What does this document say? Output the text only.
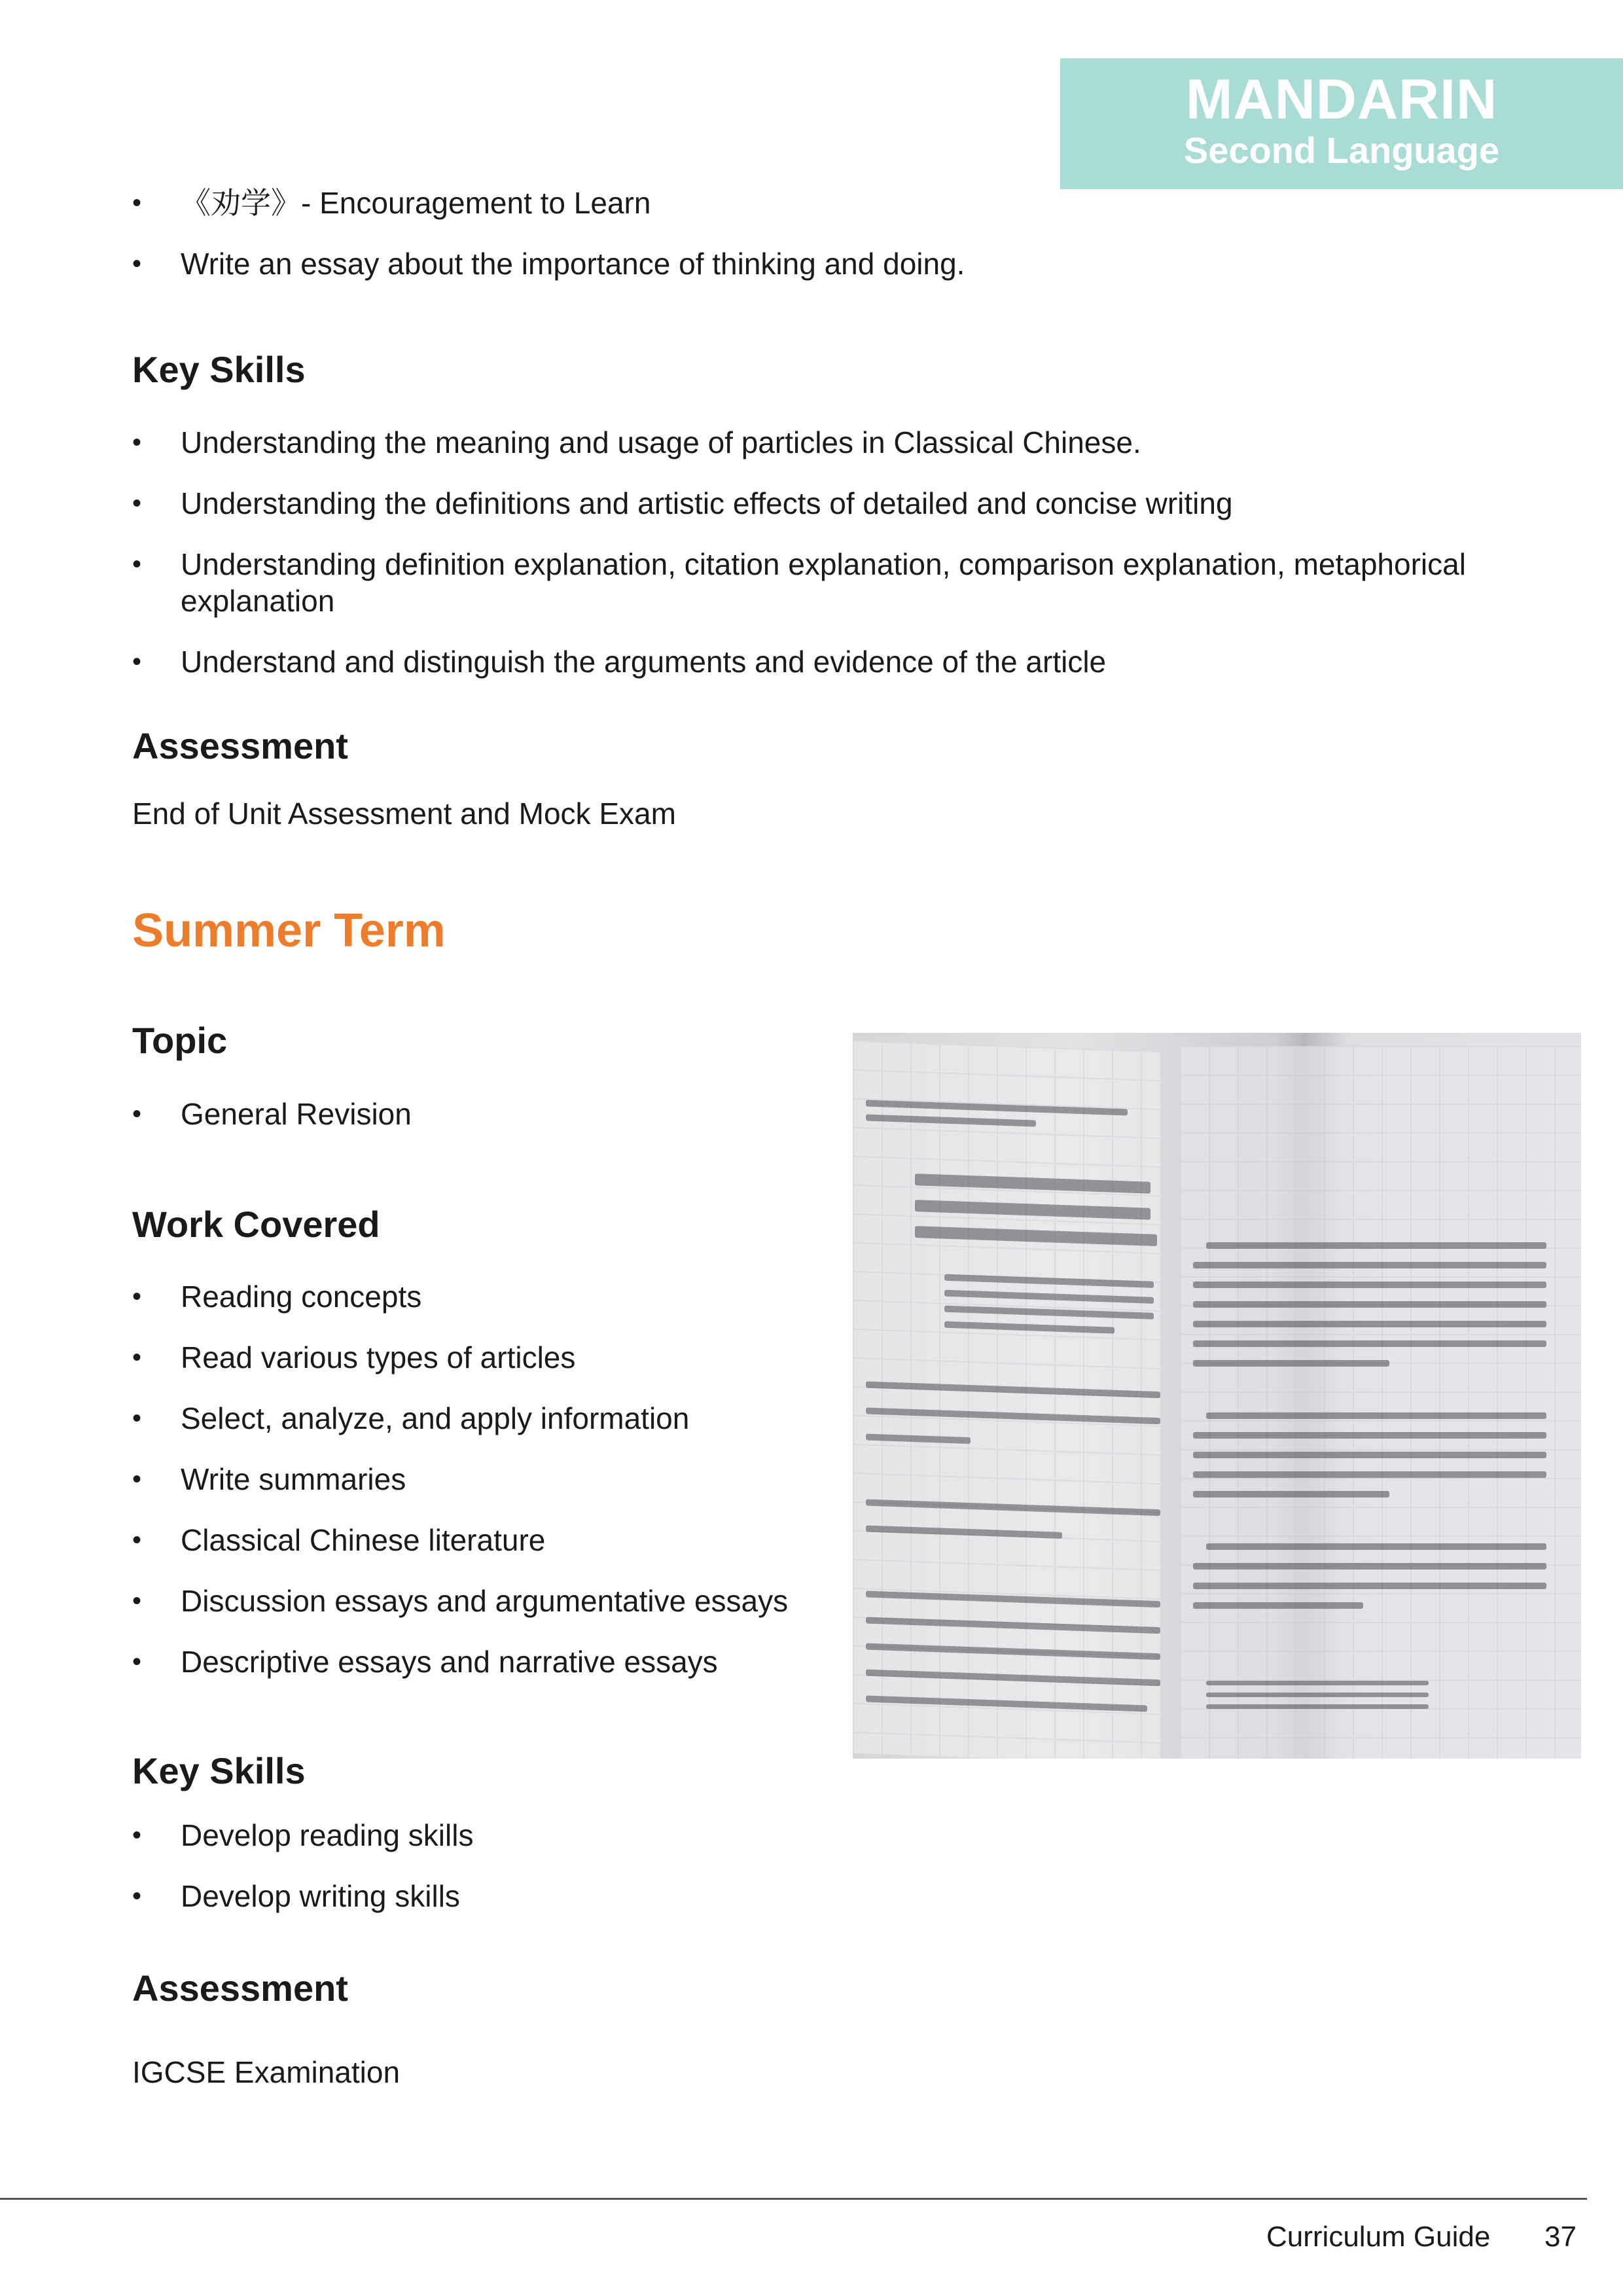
MANDARIN
Second Language
• 《劝学》- Encouragement to Learn
• Write an essay about the importance of thinking and doing.
Key Skills
• Understanding the meaning and usage of particles in Classical Chinese.
• Understanding the definitions and artistic effects of detailed and concise writing
• Understanding definition explanation, citation explanation, comparison explanation, metaphorical explanation
• Understand and distinguish the arguments and evidence of the article
Assessment

End of Unit Assessment and Mock Exam

Summer Term
Topic
• General Revision
Work Covered
• Reading concepts
• Read various types of articles
• Select, analyze, and apply information
• Write summaries
• Classical Chinese literature
• Discussion essays and argumentative essays
• Descriptive essays and narrative essays
Key Skills
• Develop reading skills
• Develop writing skills
Assessment

IGCSE Examination

Curriculum Guide 37
